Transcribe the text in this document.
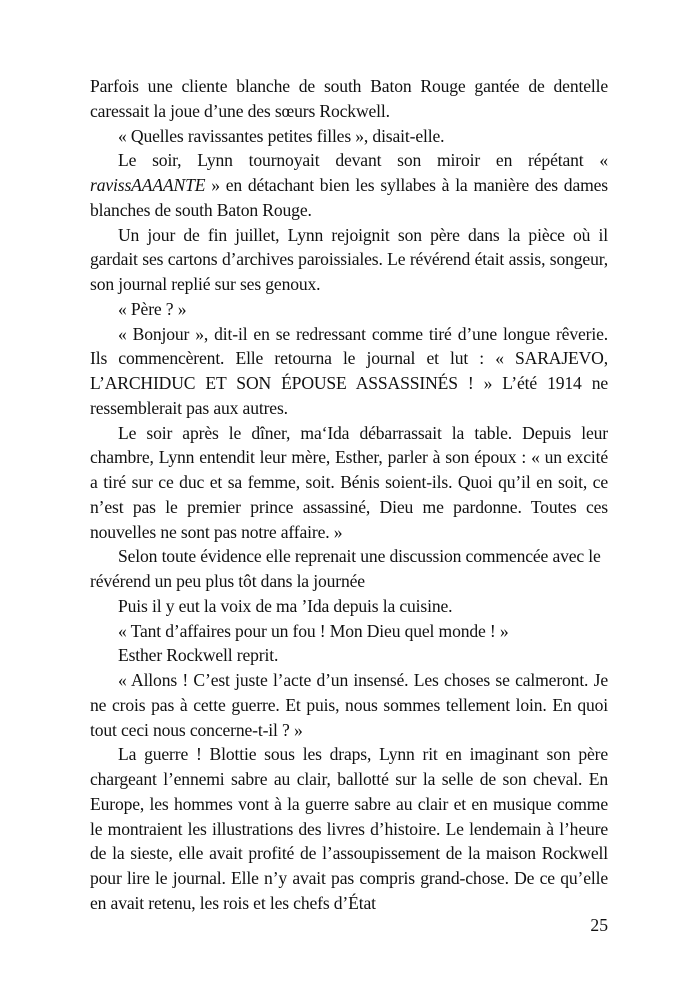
Parfois une cliente blanche de south Baton Rouge gantée de dentelle caressait la joue d’une des sœurs Rockwell.

« Quelles ravissantes petites filles », disait-elle.

Le soir, Lynn tournoyait devant son miroir en répétant « ravissAAAANTE » en détachant bien les syllabes à la manière des dames blanches de south Baton Rouge.

Un jour de fin juillet, Lynn rejoignit son père dans la pièce où il gardait ses cartons d’archives paroissiales. Le révérend était assis, songeur, son journal replié sur ses genoux.

« Père ? »

« Bonjour », dit-il en se redressant comme tiré d’une longue rêverie. Ils commencèrent. Elle retourna le journal et lut : « SARAJEVO, L’ARCHIDUC ET SON ÉPOUSE ASSASSINÉS ! » L’été 1914 ne ressemblerait pas aux autres.

Le soir après le dîner, ma‘Ida débarrassait la table. Depuis leur chambre, Lynn entendit leur mère, Esther, parler à son époux : « un excité a tiré sur ce duc et sa femme, soit. Bénis soient-ils. Quoi qu’il en soit, ce n’est pas le premier prince assassiné, Dieu me pardonne. Toutes ces nouvelles ne sont pas notre affaire. »

Selon toute évidence elle reprenait une discussion commencée avec le révérend un peu plus tôt dans la journée

Puis il y eut la voix de ma ’Ida depuis la cuisine.

« Tant d’affaires pour un fou ! Mon Dieu quel monde ! »

Esther Rockwell reprit.

« Allons ! C’est juste l’acte d’un insensé. Les choses se calmeront. Je ne crois pas à cette guerre. Et puis, nous sommes tellement loin. En quoi tout ceci nous concerne-t-il ? »

La guerre ! Blottie sous les draps, Lynn rit en imaginant son père chargeant l’ennemi sabre au clair, ballotté sur la selle de son cheval. En Europe, les hommes vont à la guerre sabre au clair et en musique comme le montraient les illustrations des livres d’histoire. Le lendemain à l’heure de la sieste, elle avait profité de l’assoupissement de la maison Rockwell pour lire le journal. Elle n’y avait pas compris grand-chose. De ce qu’elle en avait retenu, les rois et les chefs d’État

25
